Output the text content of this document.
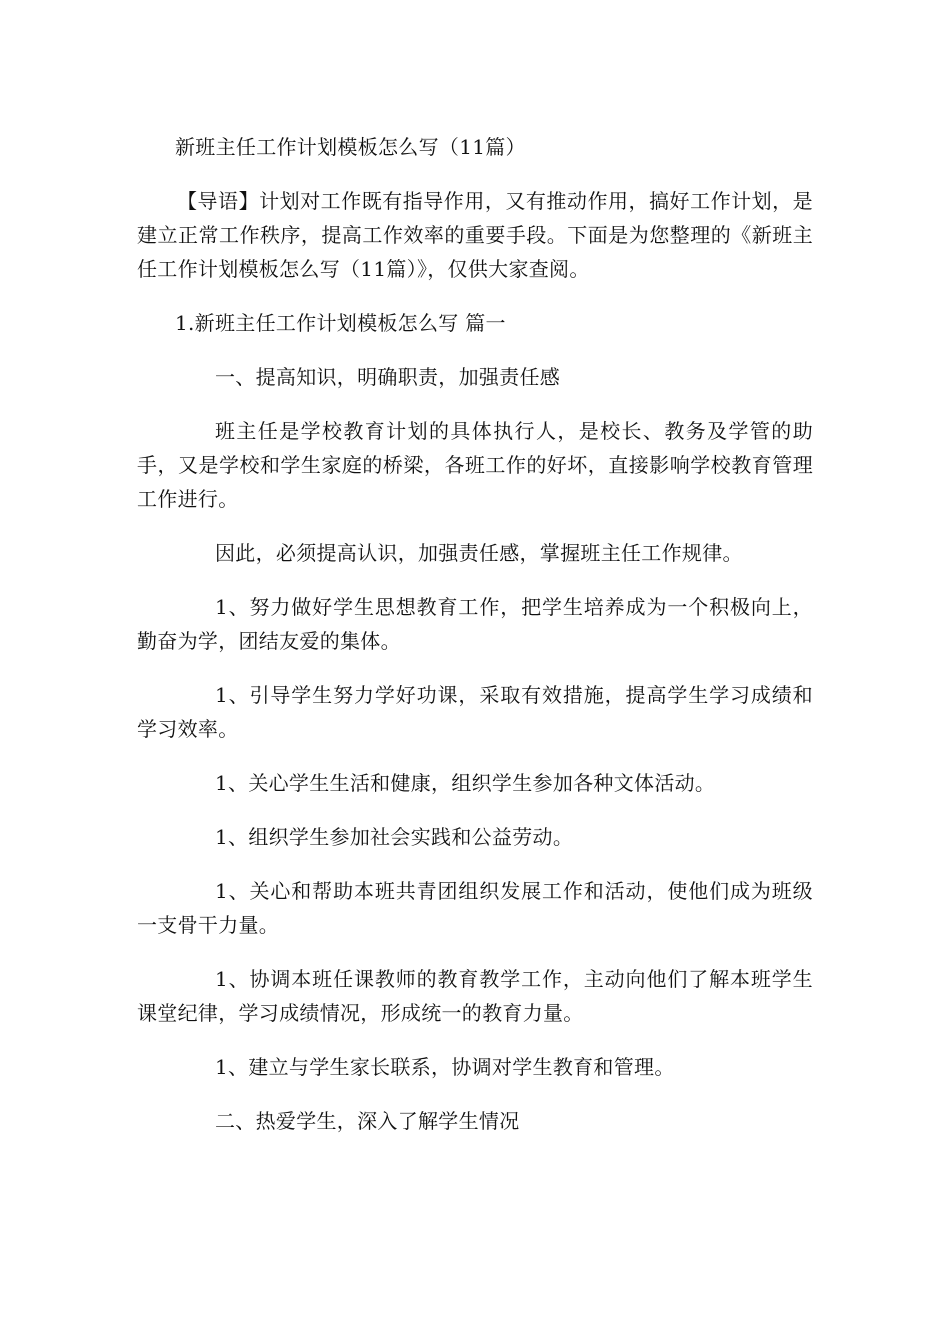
新班主任工作计划模板怎么写（11篇）

【导语】计划对工作既有指导作用，又有推动作用，搞好工作计划，是建立正常工作秩序，提高工作效率的重要手段。下面是为您整理的《新班主任工作计划模板怎么写（11篇）》，仅供大家查阅。

1.新班主任工作计划模板怎么写 篇一
一、提高知识，明确职责，加强责任感

班主任是学校教育计划的具体执行人，是校长、教务及学管的助手，又是学校和学生家庭的桥梁，各班工作的好坏，直接影响学校教育管理工作进行。

因此，必须提高认识，加强责任感，掌握班主任工作规律。

1、努力做好学生思想教育工作，把学生培养成为一个积极向上，勤奋为学，团结友爱的集体。

1、引导学生努力学好功课，采取有效措施，提高学生学习成绩和学习效率。

1、关心学生生活和健康，组织学生参加各种文体活动。

1、组织学生参加社会实践和公益劳动。

1、关心和帮助本班共青团组织发展工作和活动，使他们成为班级一支骨干力量。

1、协调本班任课教师的教育教学工作，主动向他们了解本班学生课堂纪律，学习成绩情况，形成统一的教育力量。

1、建立与学生家长联系，协调对学生教育和管理。

二、热爱学生，深入了解学生情况
